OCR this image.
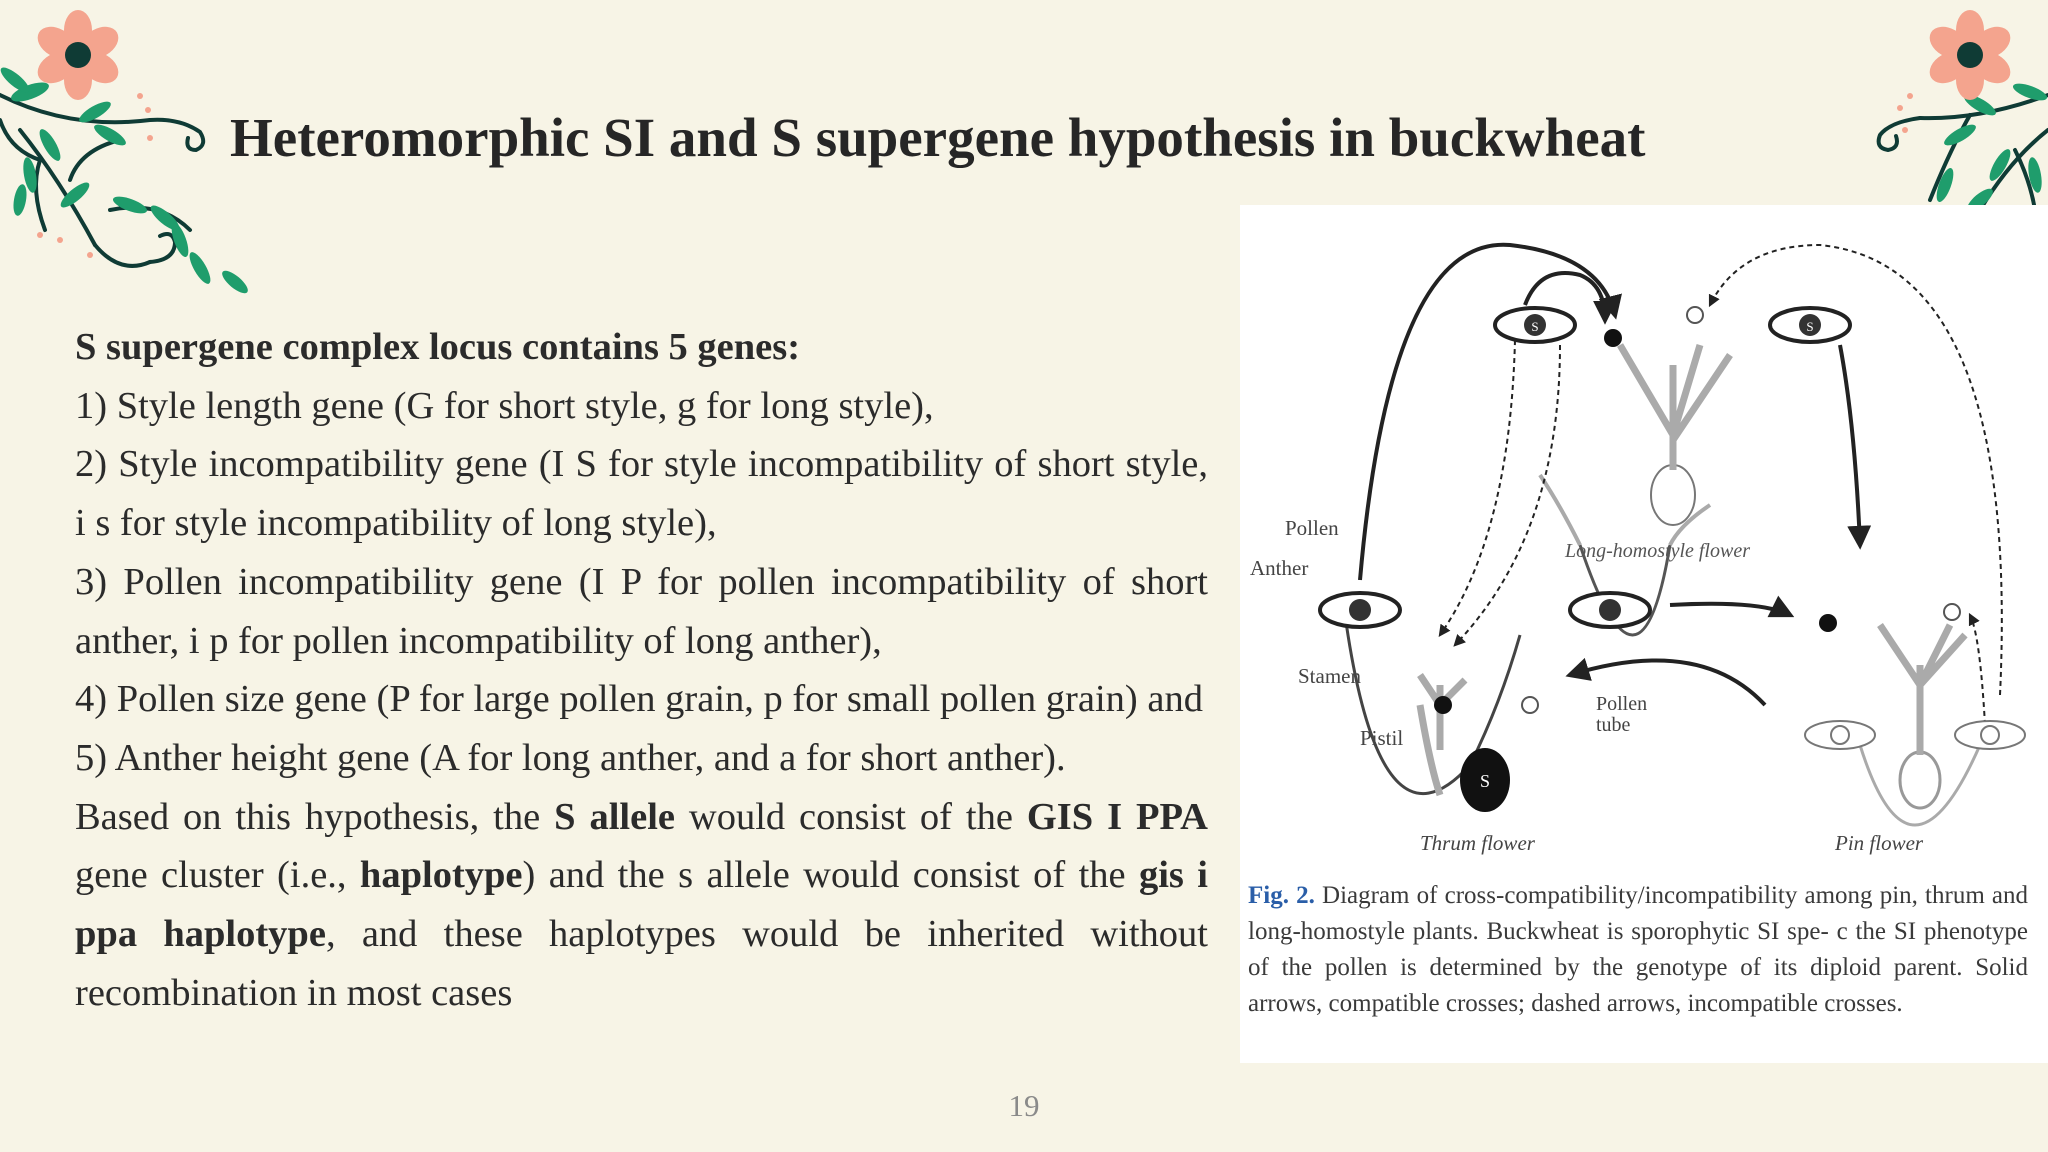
Heteromorphic SI and S supergene hypothesis in buckwheat

S supergene complex locus contains 5 genes:

1) Style length gene (G for short style, g for long style),

2) Style incompatibility gene (I S for style incompatibility of short style, i s for style incompatibility of long style),

3) Pollen incompatibility gene (I P for pollen incompatibility of short anther, i p for pollen incompatibility of long anther),

4) Pollen size gene (P for large pollen grain, p for small pollen grain) and

5) Anther height gene (A for long anther, and a for short anther).

Based on this hypothesis, the S allele would consist of the GIS I PPA gene cluster (i.e., haplotype) and the s allele would consist of the gis i ppa haplotype, and these haplotypes would be inherited without recombination in most cases

Long-homostyle flower
S	S
S
Pollen
Anther
Stamen
Pistil
Pollen
tube
Thrum flower	Pin flower
Fig. 2. Diagram of cross-compatibility/incompatibility among pin, thrum and long-homostyle plants. Buckwheat is sporophytic SI spe- c the SI phenotype of the pollen is determined by the genotype of its diploid parent. Solid arrows, compatible crosses; dashed arrows, incompatible crosses.
19
